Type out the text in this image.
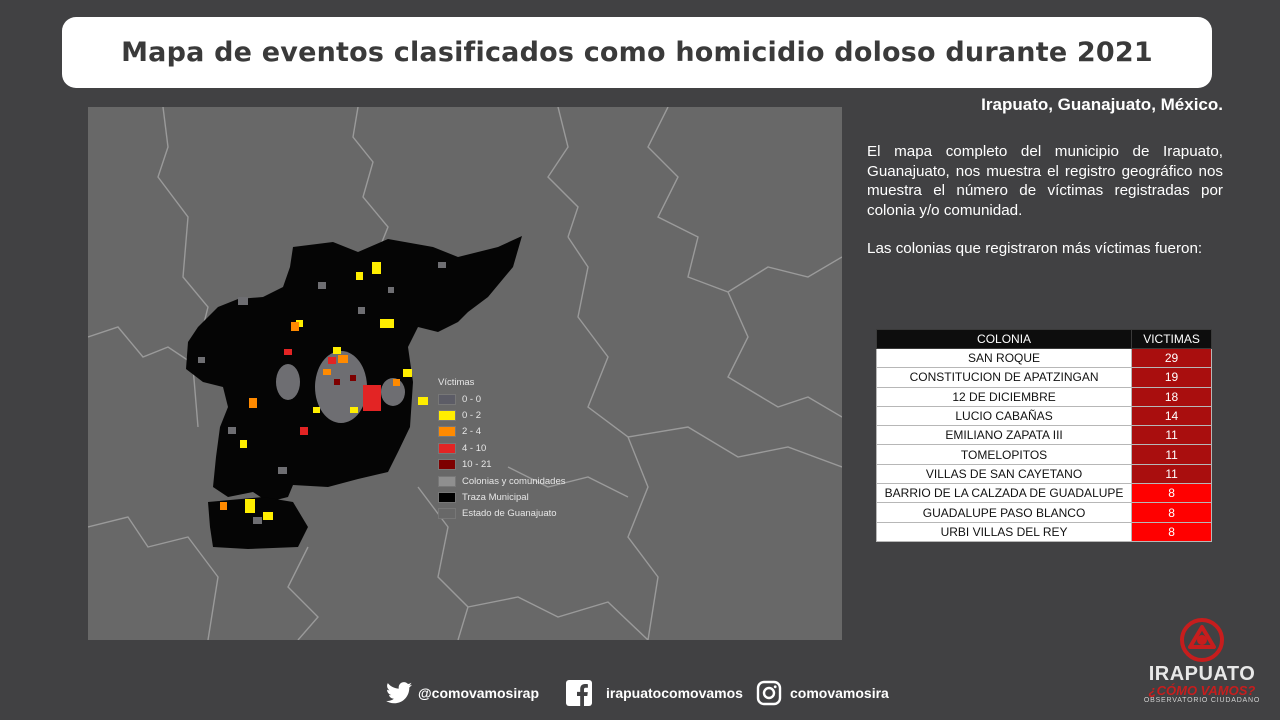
Mapa de eventos clasificados como homicidio doloso durante 2021
Víctimas
0 - 0
0 - 2
2 - 4
4 - 10
10 - 21
Colonias y comunidades
Traza Municipal
Estado de Guanajuato
Irapuato, Guanajuato, México.

El mapa completo del municipio de Irapuato, Guanajuato, nos muestra el registro geográfico nos muestra el número de víctimas registradas por colonia y/o comunidad.

Las colonias que registraron más víctimas fueron:

COLONIA	VICTIMAS
SAN ROQUE	29
CONSTITUCION DE APATZINGAN	19
12 DE DICIEMBRE	18
LUCIO CABAÑAS	14
EMILIANO ZAPATA III	11
TOMELOPITOS	11
VILLAS DE SAN CAYETANO	11
BARRIO DE LA CALZADA DE GUADALUPE	8
GUADALUPE PASO BLANCO	8
URBI VILLAS DEL REY	8
@comovamosirap	irapuatocomovamos	comovamosira
IRAPUATO
¿CÓMO VAMOS?
OBSERVATORIO CIUDADANO
